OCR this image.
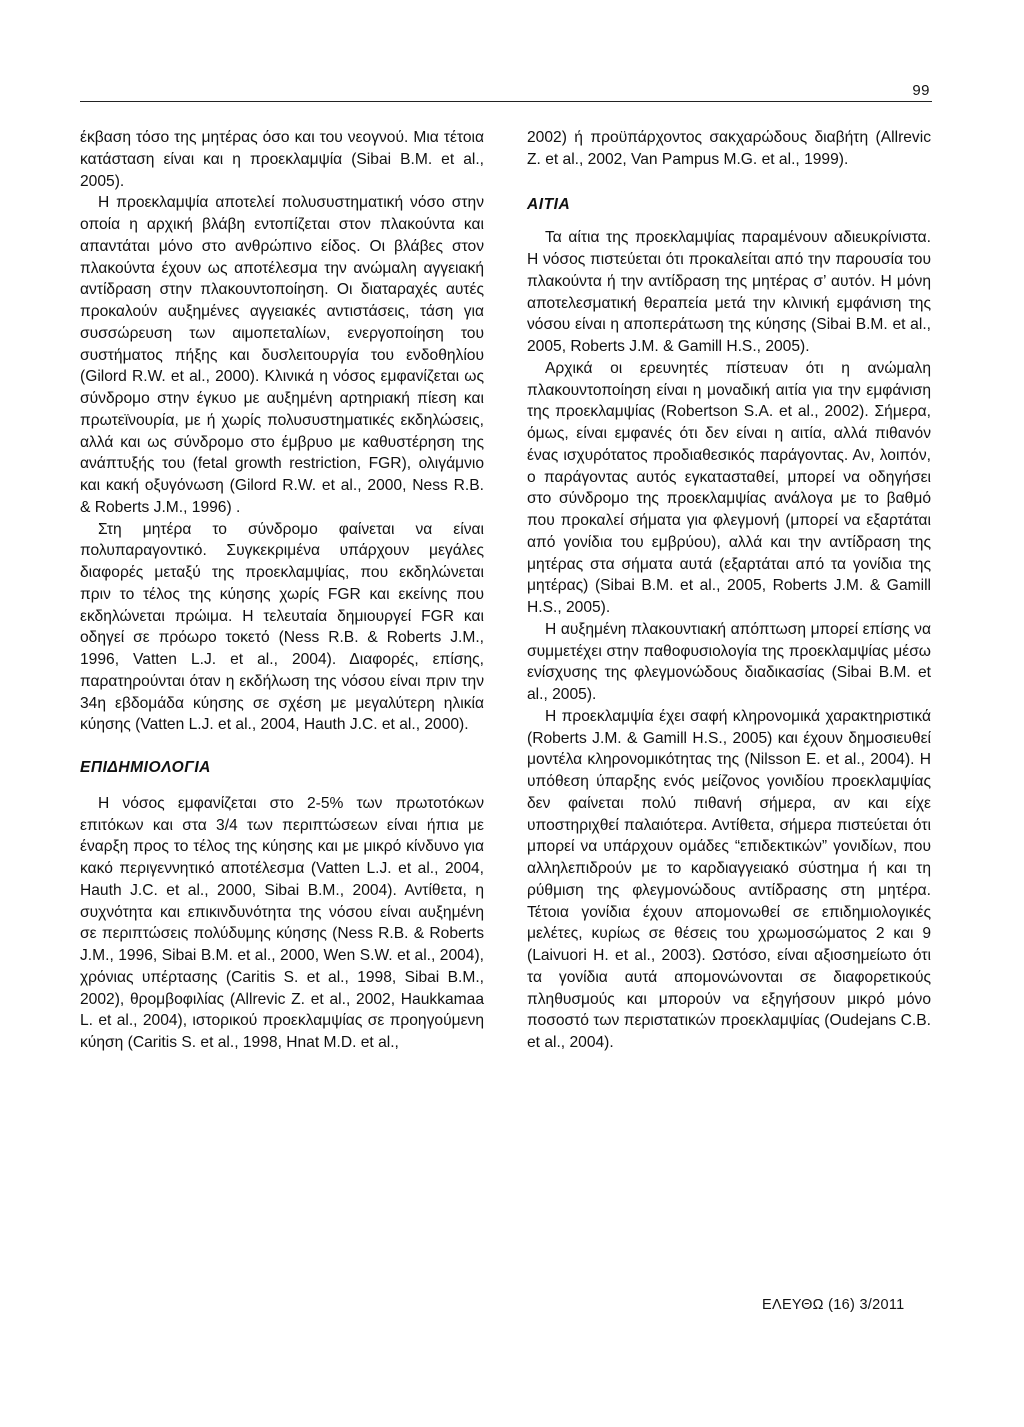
99

έκβαση τόσο της μητέρας όσο και του νεογνού. Μια τέτοια κατάσταση είναι και η προεκλαμψία (Sibai B.M. et al., 2005).

Η προεκλαμψία αποτελεί πολυσυστηματική νόσο στην οποία η αρχική βλάβη εντοπίζεται στον πλακούντα και απαντάται μόνο στο ανθρώπινο είδος. Οι βλάβες στον πλακούντα έχουν ως αποτέλεσμα την ανώμαλη αγγειακή αντίδραση στην πλακουντοποίηση. Οι διαταραχές αυτές προκαλούν αυξημένες αγγειακές αντιστάσεις, τάση για συσσώρευση των αιμοπεταλίων, ενεργοποίηση του συστήματος πήξης και δυσλειτουργία του ενδοθηλίου (Gilord R.W. et al., 2000). Κλινικά η νόσος εμφανίζεται ως σύνδρομο στην έγκυο με αυξημένη αρτηριακή πίεση και πρωτεϊνουρία, με ή χωρίς πολυσυστηματικές εκδηλώσεις, αλλά και ως σύνδρομο στο έμβρυο με καθυστέρηση της ανάπτυξής του (fetal growth restriction, FGR), ολιγάμνιο και κακή οξυγόνωση (Gilord R.W. et al., 2000, Ness R.B. & Roberts J.M., 1996) .

Στη μητέρα το σύνδρομο φαίνεται να είναι πολυπαραγοντικό. Συγκεκριμένα υπάρχουν μεγάλες διαφορές μεταξύ της προεκλαμψίας, που εκδηλώνεται πριν το τέλος της κύησης χωρίς FGR και εκείνης που εκδηλώνεται πρώιμα. Η τελευταία δημιουργεί FGR και οδηγεί σε πρόωρο τοκετό (Ness R.B. & Roberts J.M., 1996, Vatten L.J. et al., 2004). Διαφορές, επίσης, παρατηρούνται όταν η εκδήλωση της νόσου είναι πριν την 34η εβδομάδα κύησης σε σχέση με μεγαλύτερη ηλικία κύησης (Vatten L.J. et al., 2004, Hauth J.C. et al., 2000).

ΕΠΙΔΗΜΙΟΛΟΓΙΑ

Η νόσος εμφανίζεται στο 2-5% των πρωτοτόκων επιτόκων και στα 3/4 των περιπτώσεων είναι ήπια με έναρξη προς το τέλος της κύησης και με μικρό κίνδυνο για κακό περιγεννητικό αποτέλεσμα (Vatten L.J. et al., 2004, Hauth J.C. et al., 2000, Sibai B.M., 2004). Αντίθετα, η συχνότητα και επικινδυνότητα της νόσου είναι αυξημένη σε περιπτώσεις πολύδυμης κύησης (Ness R.B. & Roberts J.M., 1996, Sibai B.M. et al., 2000, Wen S.W. et al., 2004), χρόνιας υπέρτασης (Caritis S. et al., 1998, Sibai B.M., 2002), θρομβοφιλίας (Allrevic Z. et al., 2002, Haukkamaa L. et al., 2004), ιστορικού προεκλαμψίας σε προηγούμενη κύηση (Caritis S. et al., 1998, Hnat M.D. et al.,

2002) ή προϋπάρχοντος σακχαρώδους διαβήτη (Allrevic Z. et al., 2002, Van Pampus M.G. et al., 1999).

ΑΙΤΙΑ

Τα αίτια της προεκλαμψίας παραμένουν αδιευκρίνιστα. Η νόσος πιστεύεται ότι προκαλείται από την παρουσία του πλακούντα ή την αντίδραση της μητέρας σ’ αυτόν. Η μόνη αποτελεσματική θεραπεία μετά την κλινική εμφάνιση της νόσου είναι η αποπεράτωση της κύησης (Sibai B.M. et al., 2005, Roberts J.M. & Gamill H.S., 2005).

Αρχικά οι ερευνητές πίστευαν ότι η ανώμαλη πλακουντοποίηση είναι η μοναδική αιτία για την εμφάνιση της προεκλαμψίας (Robertson S.A. et al., 2002). Σήμερα, όμως, είναι εμφανές ότι δεν είναι η αιτία, αλλά πιθανόν ένας ισχυρότατος προδιαθεσικός παράγοντας. Αν, λοιπόν, ο παράγοντας αυτός εγκατασταθεί, μπορεί να οδηγήσει στο σύνδρομο της προεκλαμψίας ανάλογα με το βαθμό που προκαλεί σήματα για φλεγμονή (μπορεί να εξαρτάται από γονίδια του εμβρύου), αλλά και την αντίδραση της μητέρας στα σήματα αυτά (εξαρτάται από τα γονίδια της μητέρας) (Sibai B.M. et al., 2005, Roberts J.M. & Gamill H.S., 2005).

Η αυξημένη πλακουντιακή απόπτωση μπορεί επίσης να συμμετέχει στην παθοφυσιολογία της προεκλαμψίας μέσω ενίσχυσης της φλεγμονώδους διαδικασίας (Sibai B.M. et al., 2005).

Η προεκλαμψία έχει σαφή κληρονομικά χαρακτηριστικά (Roberts J.M. & Gamill H.S., 2005) και έχουν δημοσιευθεί μοντέλα κληρονομικότητας της (Nilsson E. et al., 2004). Η υπόθεση ύπαρξης ενός μείζονος γονιδίου προεκλαμψίας δεν φαίνεται πολύ πιθανή σήμερα, αν και είχε υποστηριχθεί παλαιότερα. Αντίθετα, σήμερα πιστεύεται ότι μπορεί να υπάρχουν ομάδες “επιδεκτικών” γονιδίων, που αλληλεπιδρούν με το καρδιαγγειακό σύστημα ή και τη ρύθμιση της φλεγμονώδους αντίδρασης στη μητέρα. Τέτοια γονίδια έχουν απομονωθεί σε επιδημιολογικές μελέτες, κυρίως σε θέσεις του χρωμοσώματος 2 και 9 (Laivuori H. et al., 2003). Ωστόσο, είναι αξιοσημείωτο ότι τα γονίδια αυτά απομονώνονται σε διαφορετικούς πληθυσμούς και μπορούν να εξηγήσουν μικρό μόνο ποσοστό των περιστατικών προεκλαμψίας (Oudejans C.B. et al., 2004).

ΕΛΕΥΘΩ (16) 3/2011
